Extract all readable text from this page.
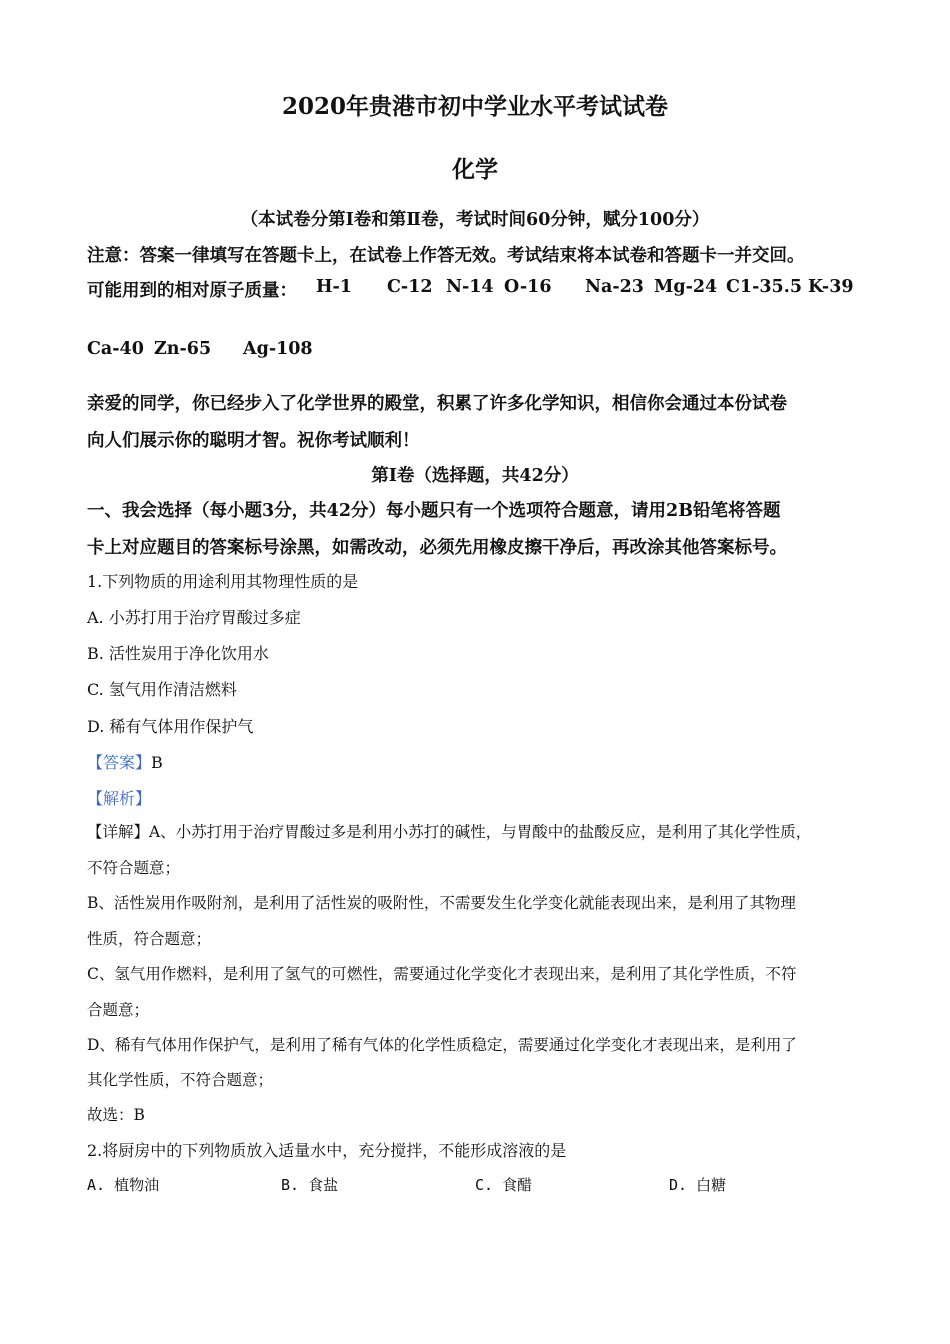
2020年贵港市初中学业水平考试试卷
化学
（本试卷分第Ⅰ卷和第Ⅱ卷，考试时间60分钟，赋分100分）
注意：答案一律填写在答题卡上，在试卷上作答无效。考试结束将本试卷和答题卡一并交回。
可能用到的相对原子质量： H-1 C-12 N-14 O-16 Na-23 Mg-24 C1-35.5 K-39
Ca-40 Zn-65 Ag-108
亲爱的同学，你已经步入了化学世界的殿堂，积累了许多化学知识，相信你会通过本份试卷
向人们展示你的聪明才智。祝你考试顺利！
第Ⅰ卷（选择题，共42分）
一、我会选择（每小题3分，共42分）每小题只有一个选项符合题意，请用2B铅笔将答题
卡上对应题目的答案标号涂黑，如需改动，必须先用橡皮擦干净后，再改涂其他答案标号。
1.下列物质的用途利用其物理性质的是
A. 小苏打用于治疗胃酸过多症
B. 活性炭用于净化饮用水
C. 氢气用作清洁燃料
D. 稀有气体用作保护气
【答案】B
【解析】
【详解】A、小苏打用于治疗胃酸过多是利用小苏打的碱性，与胃酸中的盐酸反应，是利用了其化学性质，
不符合题意；
B、活性炭用作吸附剂，是利用了活性炭的吸附性，不需要发生化学变化就能表现出来，是利用了其物理
性质，符合题意；
C、氢气用作燃料，是利用了氢气的可燃性，需要通过化学变化才表现出来，是利用了其化学性质，不符
合题意；
D、稀有气体用作保护气，是利用了稀有气体的化学性质稳定，需要通过化学变化才表现出来，是利用了
其化学性质，不符合题意；
故选：B
2.将厨房中的下列物质放入适量水中，充分搅拌，不能形成溶液的是
A. 植物油	B. 食盐	C. 食醋	D. 白糖
